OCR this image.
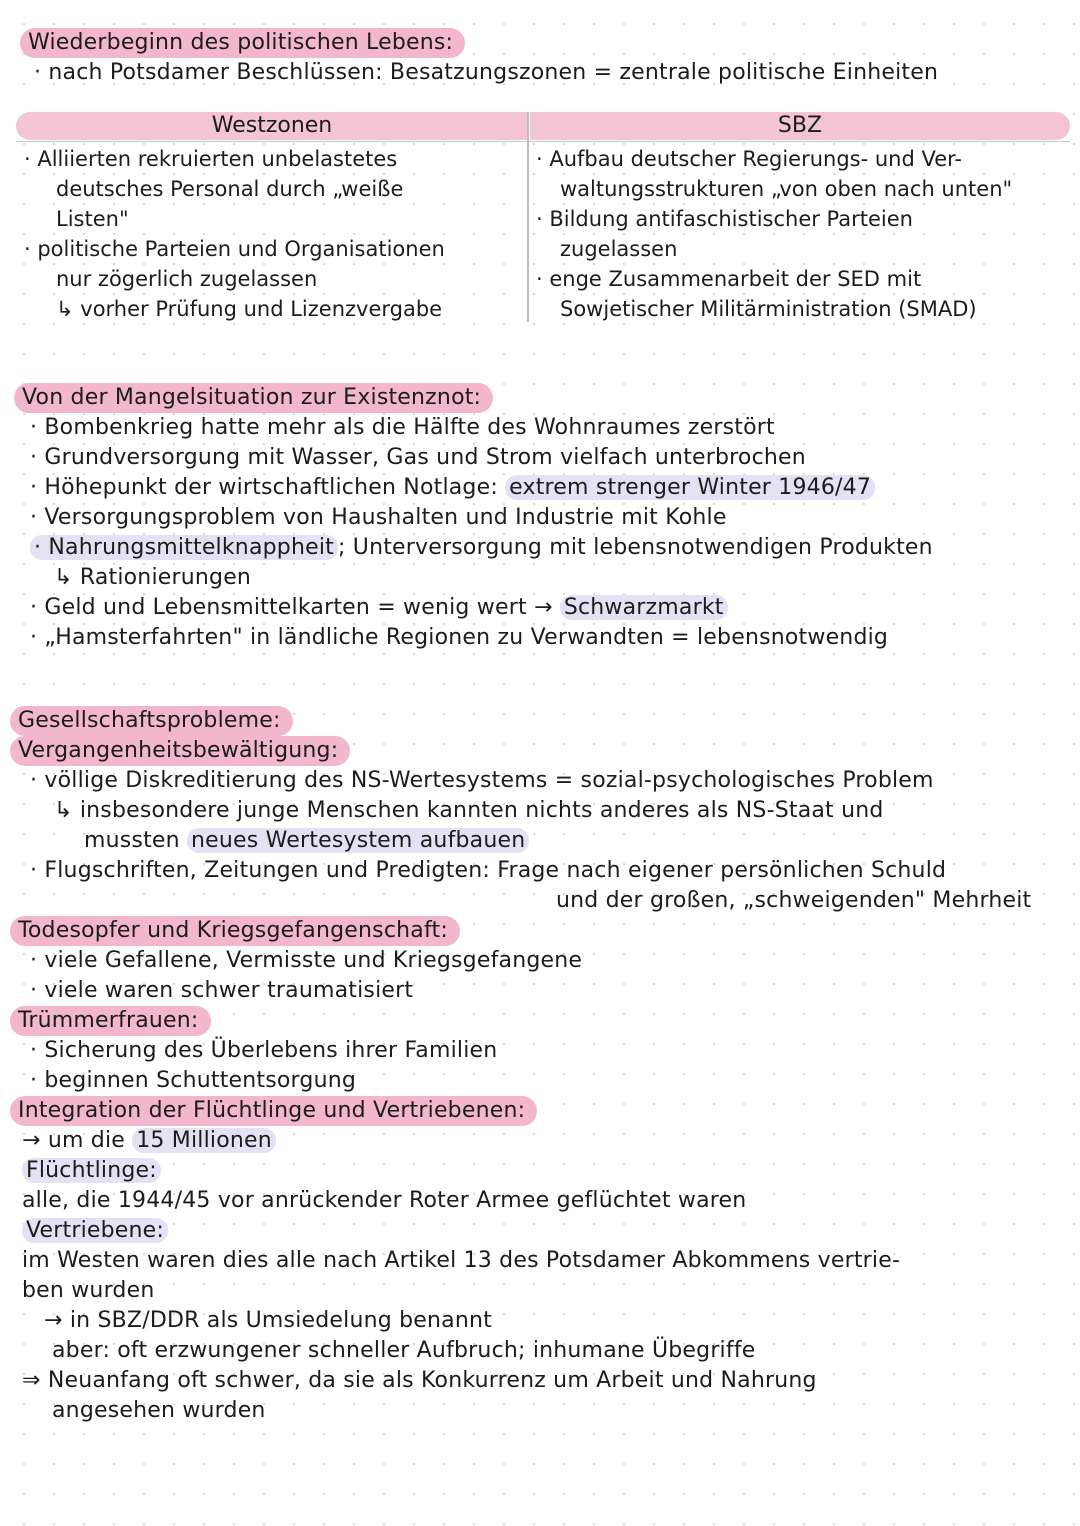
Wiederbeginn des politischen Lebens:
· nach Potsdamer Beschlüssen: Besatzungszonen = zentrale politische Einheiten
Westzonen	SBZ
· Alliierten rekruierten unbelastetes
deutsches Personal durch „weiße
Listen"
· politische Parteien und Organisationen
nur zögerlich zugelassen
↳ vorher Prüfung und Lizenzvergabe
· Aufbau deutscher Regierungs- und Ver-
waltungsstrukturen „von oben nach unten"
· Bildung antifaschistischer Parteien
zugelassen
· enge Zusammenarbeit der SED mit
Sowjetischer Militärministration (SMAD)
Von der Mangelsituation zur Existenznot:
· Bombenkrieg hatte mehr als die Hälfte des Wohnraumes zerstört
· Grundversorgung mit Wasser, Gas und Strom vielfach unterbrochen
· Höhepunkt der wirtschaftlichen Notlage: extrem strenger Winter 1946/47
· Versorgungsproblem von Haushalten und Industrie mit Kohle
· Nahrungsmittelknappheit ; Unterversorgung mit lebensnotwendigen Produkten
↳ Rationierungen
· Geld und Lebensmittelkarten = wenig wert → Schwarzmarkt
· „Hamsterfahrten" in ländliche Regionen zu Verwandten = lebensnotwendig
Gesellschaftsprobleme:
Vergangenheitsbewältigung:
· völlige Diskreditierung des NS-Wertesystems = sozial-psychologisches Problem
↳ insbesondere junge Menschen kannten nichts anderes als NS-Staat und
mussten neues Wertesystem aufbauen
· Flugschriften, Zeitungen und Predigten: Frage nach eigener persönlichen Schuld
und der großen, „schweigenden" Mehrheit
Todesopfer und Kriegsgefangenschaft:
· viele Gefallene, Vermisste und Kriegsgefangene
· viele waren schwer traumatisiert
Trümmerfrauen:
· Sicherung des Überlebens ihrer Familien
· beginnen Schuttentsorgung
Integration der Flüchtlinge und Vertriebenen:
→ um die 15 Millionen
Flüchtlinge:
alle, die 1944/45 vor anrückender Roter Armee geflüchtet waren
Vertriebene:
im Westen waren dies alle nach Artikel 13 des Potsdamer Abkommens vertrie-
ben wurden
→ in SBZ/DDR als Umsiedelung benannt
aber: oft erzwungener schneller Aufbruch; inhumane Übegriffe
⇒ Neuanfang oft schwer, da sie als Konkurrenz um Arbeit und Nahrung
angesehen wurden
